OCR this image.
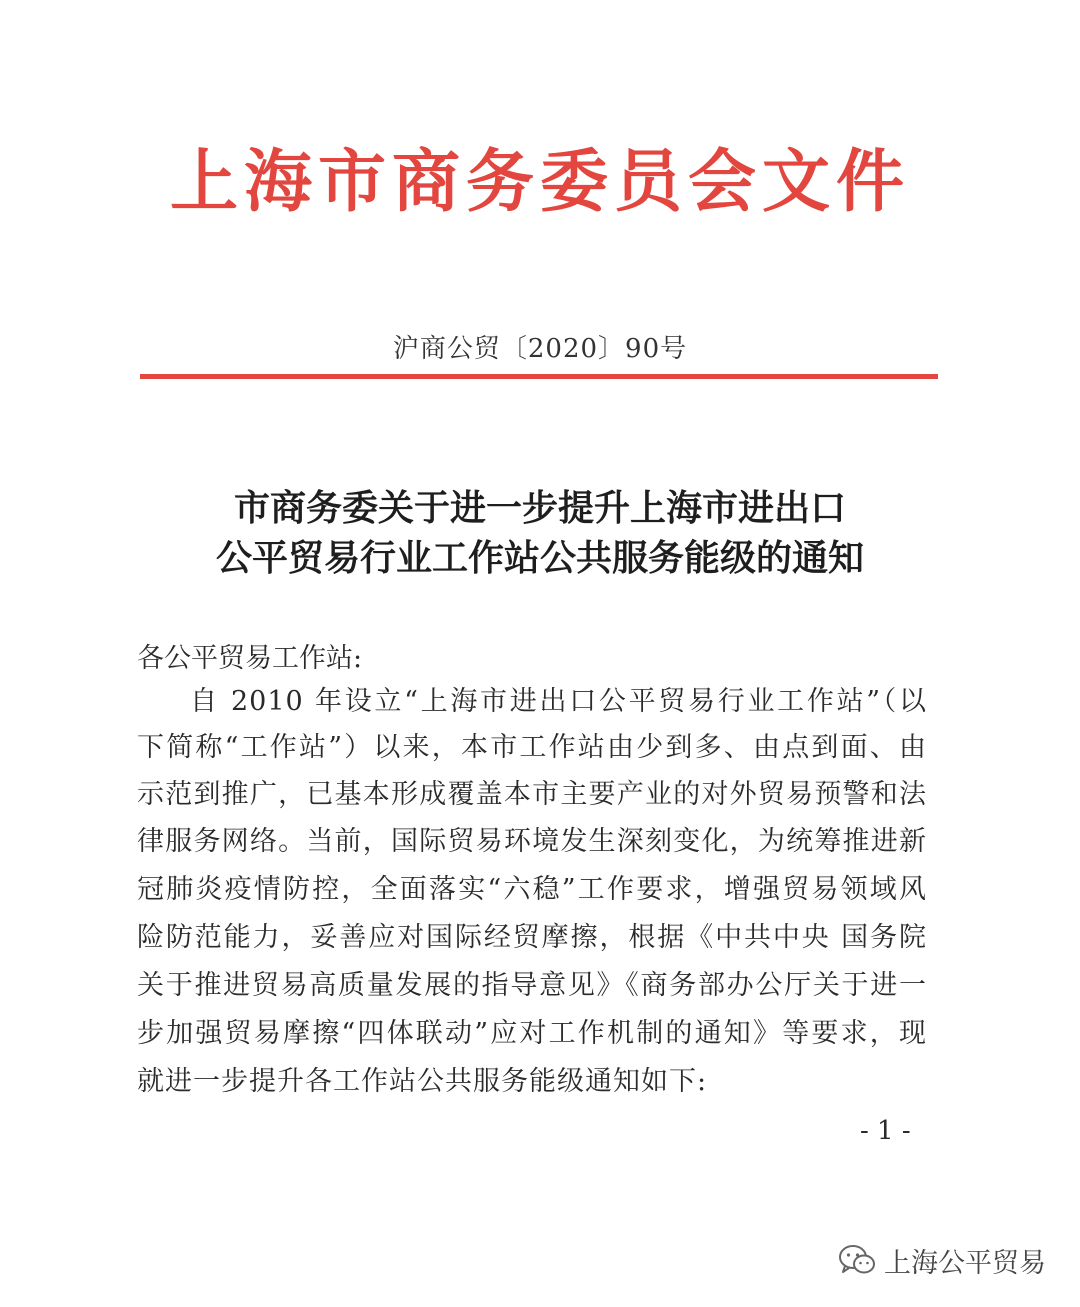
上海市商务委员会文件
沪商公贸〔2020〕90号
市商务委关于进一步提升上海市进出口
公平贸易行业工作站公共服务能级的通知
各公平贸易工作站:
自 2010 年设立“上海市进出口公平贸易行业工作站”（以
下简称“工作站”）以来，本市工作站由少到多、由点到面、由
示范到推广，已基本形成覆盖本市主要产业的对外贸易预警和法
律服务网络。当前，国际贸易环境发生深刻变化，为统筹推进新
冠肺炎疫情防控，全面落实“六稳”工作要求，增强贸易领域风
险防范能力，妥善应对国际经贸摩擦，根据《中共中央 国务院
关于推进贸易高质量发展的指导意见》《商务部办公厅关于进一
步加强贸易摩擦“四体联动”应对工作机制的通知》等要求，现
就进一步提升各工作站公共服务能级通知如下:
- 1 -
上海公平贸易
